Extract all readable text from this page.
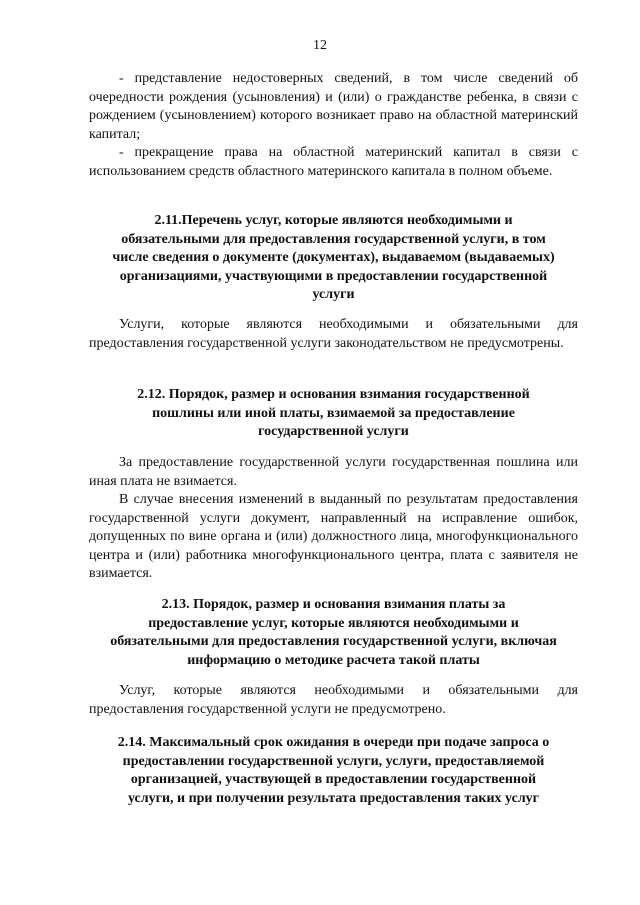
12

- представление недостоверных сведений, в том числе сведений об очередности рождения (усыновления) и (или) о гражданстве ребенка, в связи с рождением (усыновлением) которого возникает право на областной материнский капитал;

- прекращение права на областной материнский капитал в связи с использованием средств областного материнского капитала в полном объеме.

2.11.Перечень услуг, которые являются необходимыми и
обязательными для предоставления государственной услуги, в том
числе сведения о документе (документах), выдаваемом (выдаваемых)
организациями, участвующими в предоставлении государственной
услуги

Услуги, которые являются необходимыми и обязательными для предоставления государственной услуги законодательством не предусмотрены.

2.12. Порядок, размер и основания взимания государственной
пошлины или иной платы, взимаемой за предоставление
государственной услуги

За предоставление государственной услуги государственная пошлина или иная плата не взимается.

В случае внесения изменений в выданный по результатам предоставления государственной услуги документ, направленный на исправление ошибок, допущенных по вине органа и (или) должностного лица, многофункционального центра и (или) работника многофункционального центра, плата с заявителя не взимается.

2.13. Порядок, размер и основания взимания платы за
предоставление услуг, которые являются необходимыми и
обязательными для предоставления государственной услуги, включая
информацию о методике расчета такой платы

Услуг, которые являются необходимыми и обязательными для предоставления государственной услуги не предусмотрено.

2.14. Максимальный срок ожидания в очереди при подаче запроса о
предоставлении государственной услуги, услуги, предоставляемой
организацией, участвующей в предоставлении государственной
услуги, и при получении результата предоставления таких услуг
